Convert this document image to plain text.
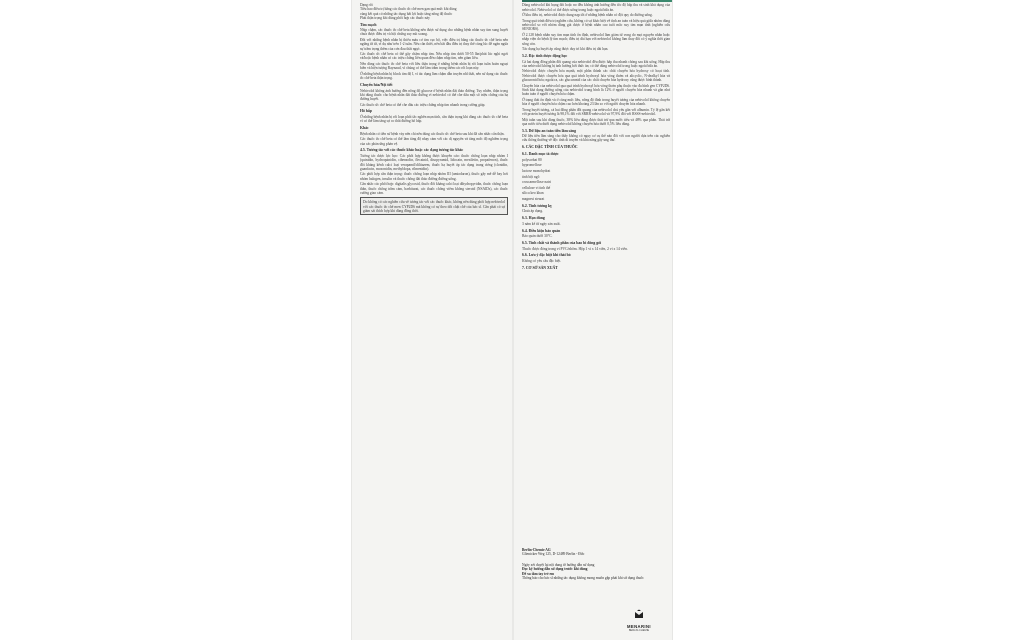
Dạng rối
Tiêu hao điều trị bằng các thuốc ức chế men gan quá mức khi dùng
cùng kết quả có những tác dụng bất lợi hoặc tăng nồng độ thuốc
Phải thận trọng khi dùng phối hợp các thuốc này
Tim mạch

Nhịp chậm, các thuốc ức chế beta không nên được sử dụng cho những bệnh nhân suy tim sung huyết chưa được điều trị và hội chứng suy nút xoang.

Đối với những bệnh nhân bị thiếu máu cơ tim cục bộ, việc điều trị bằng các thuốc ức chế beta nên ngừng từ từ, vì dụ như trên 1-2 tuần. Nếu cần thiết, nên bắt đầu điều trị thay thế cùng lúc để ngăn ngừa sự trầm trọng thêm của cơn đau thắt ngực.

Các thuốc ức chế beta có thể gây chậm nhịp tim. Nếu nhịp tim dưới 50-55 lần/phút lúc nghỉ ngơi và/hoặc bệnh nhân có các triệu chứng liên quan đến chậm nhịp tim, nên giảm liều.

Nên dùng các thuốc ức chế beta với liều thận trọng ở những bệnh nhân bị rối loạn tuần hoàn ngoại biên và hiện tượng Raynaud, vì chúng có thể làm trầm trọng thêm các rối loạn này.

Ở những bệnh nhân bị block tim độ I, vì tác dụng làm chậm dẫn truyền nhĩ thất, nên sử dụng các thuốc ức chế beta thận trọng.

Chuyển hóa/Nội tiết

Nebivolol không ảnh hưởng đến nồng độ glucose ở bệnh nhân đái tháo đường. Tuy nhiên, thận trọng khi dùng thuốc cho bệnh nhân đái tháo đường vì nebivolol có thể che dấu một số triệu chứng của hạ đường huyết.

Các thuốc ức chế beta có thể che dấu các triệu chứng nhịp tim nhanh trong cường giáp.

Hô hấp

Ở những bệnh nhân bị rối loạn phổi tắc nghẽn mạn tính, cần thận trọng khi dùng các thuốc ức chế beta vì có thể làm tăng sự co thắt đường hô hấp.

Khác

Bệnh nhân có tiền sử bệnh vảy nến chỉ nên dùng các thuốc ức chế beta sau khi đã cân nhắc cẩn thận.

Các thuốc ức chế beta có thể làm tăng độ nhạy cảm với các dị nguyên và tăng mức độ nghiêm trọng của các phản ứng phản vệ.

4.5. Tương tác với các thuốc khác hoặc các dạng tương tác khác

Tương tác dược lực học: Các phối hợp không được khuyến cáo: thuốc chống loạn nhịp nhóm I (quinidin, hydroquinidin, cibenzolin, flecainid, disopyramid, lidocain, mexiletin, propafenon), thuốc đối kháng kênh calci loại verapamil/diltiazem, thuốc hạ huyết áp tác dụng trung ương (clonidin, guanfacin, moxonidin, methyldopa, rilmenidin).

Các phối hợp cần thận trọng: thuốc chống loạn nhịp nhóm III (amiodaron), thuốc gây mê dễ bay hơi nhóm halogen, insulin và thuốc chống đái tháo đường đường uống.

Cân nhắc các phối hợp: digitalis glycosid, thuốc đối kháng calci loại dihydropyridin, thuốc chống loạn thần, thuốc chống trầm cảm, barbiturat, các thuốc chống viêm không steroid (NSAIDs), các thuốc cường giao cảm.

Do không có các nghiên cứu về tương tác với các thuốc khác, không nên dùng phối hợp nebivolol với các thuốc ức chế men CYP2D6 mà không có sự theo dõi chặt chẽ của bác sĩ. Cần phải có sự giám sát thích hợp khi dùng đồng thời.

Dùng nebivolol khi bụng đói hoặc no đều không ảnh hưởng đến tốc độ hấp thu và sinh khả dụng của nebivolol. Nebivolol có thể được uống trong hoặc ngoài bữa ăn.

Ở khu điều trị, nebivolol được dung nạp tốt ở những bệnh nhân có đột quỵ do đường uống.

Trong quá trình điều trị nghiên cứu, không có sự khác biệt về tính an toàn và hiệu quả giữa nhóm dùng nebivolol so với nhóm dùng giả dược ở bệnh nhân cao tuổi mắc suy tim mạn tính (nghiên cứu SENIORS).

Ở 2.128 bệnh nhân suy tim mạn tính ổn định, nebivolol làm giảm tử vong do mọi nguyên nhân hoặc nhập viện do bệnh lý tim mạch; điều trị dài hạn với nebivolol không làm thay đổi có ý nghĩa thời gian sống còn.

Tác dụng hạ huyết áp cũng được duy trì khi điều trị dài hạn.

5.2. Đặc tính dược động học

Cả hai dạng đồng phân đối quang của nebivolol đều được hấp thu nhanh chóng sau khi uống. Hấp thu của nebivolol không bị ảnh hưởng bởi thức ăn; có thể dùng nebivolol trong hoặc ngoài bữa ăn.

Nebivolol được chuyển hóa mạnh, một phần thành các chất chuyển hóa hydroxy có hoạt tính. Nebivolol được chuyển hóa qua quá trình hydroxyl hóa vòng thơm và alicyclic, N-dealkyl hóa và glucuronid hóa; ngoài ra, các glucuronid của các chất chuyển hóa hydroxy cũng được hình thành.

Chuyển hóa của nebivolol qua quá trình hydroxyl hóa vòng thơm phụ thuộc vào đa hình gen CYP2D6. Sinh khả dụng đường uống của nebivolol trung bình là 12% ở người chuyển hóa nhanh và gần như hoàn toàn ở người chuyển hóa chậm.

Ở trạng thái ổn định và ở cùng mức liều, nồng độ đỉnh trong huyết tương của nebivolol không chuyển hóa ở người chuyển hóa chậm cao hơn khoảng 23 lần so với người chuyển hóa nhanh.

Trong huyết tương, cả hai đồng phân đối quang của nebivolol chủ yếu gắn với albumin. Tỷ lệ gắn kết với protein huyết tương là 98,1% đối với SRRR-nebivolol và 97,9% đối với RSSS-nebivolol.

Một tuần sau khi dùng thuốc, 38% liều dùng được thải trừ qua nước tiểu và 48% qua phân. Thải trừ qua nước tiểu dưới dạng nebivolol không chuyển hóa dưới 0,5% liều dùng.

5.3. Dữ liệu an toàn tiền lâm sàng

Dữ liệu tiền lâm sàng cho thấy không có nguy cơ cụ thể nào đối với con người dựa trên các nghiên cứu thông thường về độc tính di truyền và khả năng gây ung thư.

6. CÁC ĐẶC TÍNH CỦA THUỐC
6.1. Danh mục tá dược

polysorbat 80

hypromellose

lactose monohydrat

tinh bột ngô

croscarmellose natri

cellulose vi tinh thể

silica keo khan

magnesi stearat

6.2. Tính tương kỵ

Chưa áp dụng.

6.3. Hạn dùng

3 năm kể từ ngày sản xuất.

6.4. Điều kiện bảo quản

Bảo quản dưới 30°C.

6.5. Tính chất và thành phần của bao bì đóng gói

Thuốc được đóng trong vỉ PVC/nhôm. Hộp 1 vỉ x 14 viên, 2 vỉ x 14 viên.

6.6. Lưu ý đặc biệt khi thải bỏ

Không có yêu cầu đặc biệt.

7. CƠ SỞ SẢN XUẤT
Berlin-Chemie AG
Glienicker Weg 125, D-12489 Berlin - Đức
Ngày xét duyệt lại nội dung tờ hướng dẫn sử dụng
Đọc kỹ hướng dẫn sử dụng trước khi dùng
Để xa tầm tay trẻ em
Thông báo cho bác sĩ những tác dụng không mong muốn gặp phải khi sử dụng thuốc
MENARINI
BERLIN-CHEMIE
